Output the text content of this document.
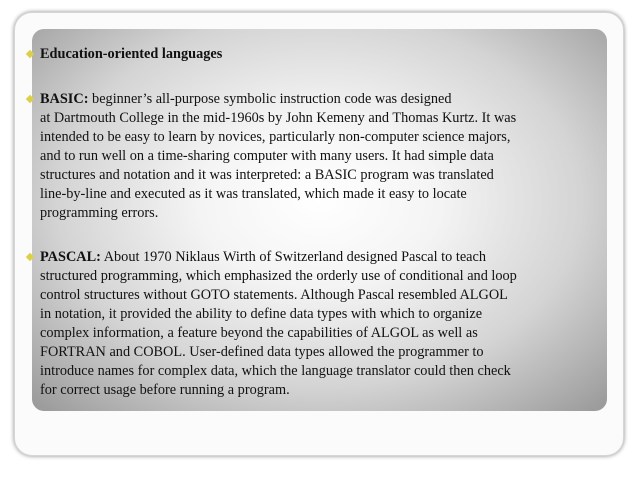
Education-oriented languages
BASIC: beginner’s all-purpose symbolic instruction code was designed
at Dartmouth College in the mid-1960s by John Kemeny and Thomas Kurtz. It was
intended to be easy to learn by novices, particularly non-computer science majors,
and to run well on a time-sharing computer with many users. It had simple data
structures and notation and it was interpreted: a BASIC program was translated
line-by-line and executed as it was translated, which made it easy to locate
programming errors.
PASCAL: About 1970 Niklaus Wirth of Switzerland designed Pascal to teach
structured programming, which emphasized the orderly use of conditional and loop
control structures without GOTO statements. Although Pascal resembled ALGOL
in notation, it provided the ability to define data types with which to organize
complex information, a feature beyond the capabilities of ALGOL as well as
FORTRAN and COBOL. User-defined data types allowed the programmer to
introduce names for complex data, which the language translator could then check
for correct usage before running a program.
